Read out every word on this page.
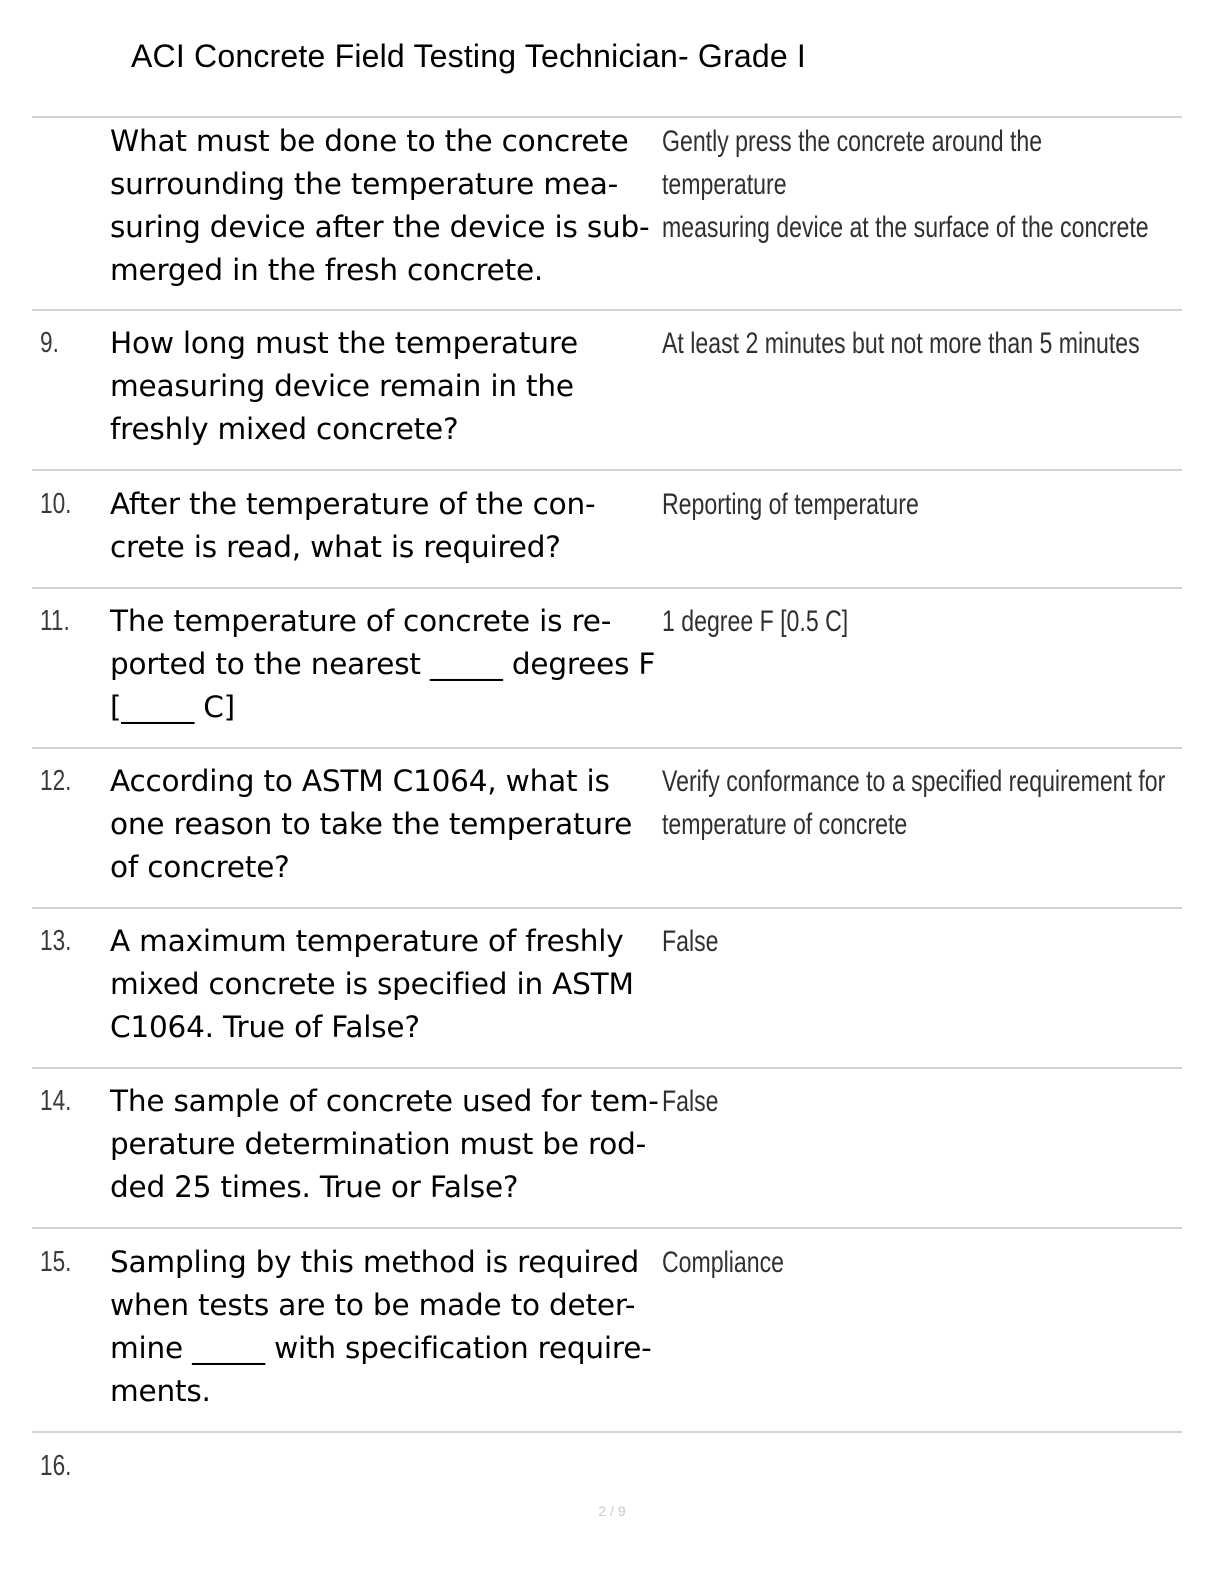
ACI Concrete Field Testing Technician- Grade I
What must be done to the concrete
surrounding the temperature mea-
suring device after the device is sub-
merged in the fresh concrete.
Gently press the concrete around the temperature
measuring device at the surface of the concrete
9. How long must the temperature
measuring device remain in the
freshly mixed concrete?
At least 2 minutes but not more than 5 minutes
10. After the temperature of the con-
crete is read, what is required?
Reporting of temperature
11. The temperature of concrete is re-
ported to the nearest _____ degrees F
[_____ C]
1 degree F [0.5 C]
12. According to ASTM C1064, what is
one reason to take the temperature
of concrete?
Verify conformance to a specified requirement for
temperature of concrete
13. A maximum temperature of freshly
mixed concrete is specified in ASTM
C1064. True of False?
False
14. The sample of concrete used for tem-
perature determination must be rod-
ded 25 times. True or False?
False
15. Sampling by this method is required
when tests are to be made to deter-
mine _____ with specification require-
ments.
Compliance
16.
2 / 9
